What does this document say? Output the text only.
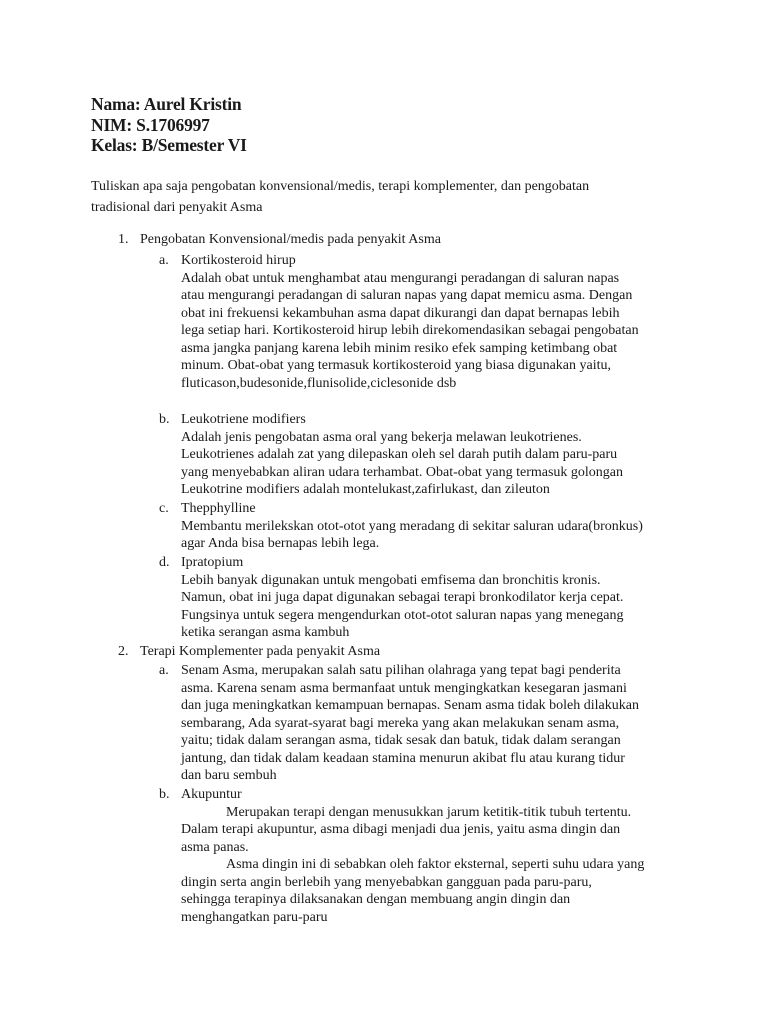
Nama: Aurel Kristin
NIM: S.1706997
Kelas: B/Semester VI
Tuliskan apa saja pengobatan konvensional/medis, terapi komplementer, dan pengobatan
tradisional dari penyakit Asma
1. Pengobatan Konvensional/medis pada penyakit Asma
a. Kortikosteroid hirup
Adalah obat untuk menghambat atau mengurangi peradangan di saluran napas
atau mengurangi peradangan di saluran napas yang dapat memicu asma. Dengan
obat ini frekuensi kekambuhan asma dapat dikurangi dan dapat bernapas lebih
lega setiap hari. Kortikosteroid hirup lebih direkomendasikan sebagai pengobatan
asma jangka panjang karena lebih minim resiko efek samping ketimbang obat
minum. Obat-obat yang termasuk kortikosteroid yang biasa digunakan yaitu,
fluticason,budesonide,flunisolide,ciclesonide dsb
b. Leukotriene modifiers
Adalah jenis pengobatan asma oral yang bekerja melawan leukotrienes.
Leukotrienes adalah zat yang dilepaskan oleh sel darah putih dalam paru-paru
yang menyebabkan aliran udara terhambat. Obat-obat yang termasuk golongan
Leukotrine modifiers adalah montelukast,zafirlukast, dan zileuton
c. Thepphylline
Membantu merilekskan otot-otot yang meradang di sekitar saluran udara(bronkus)
agar Anda bisa bernapas lebih lega.
d. Ipratopium
Lebih banyak digunakan untuk mengobati emfisema dan bronchitis kronis.
Namun, obat ini juga dapat digunakan sebagai terapi bronkodilator kerja cepat.
Fungsinya untuk segera mengendurkan otot-otot saluran napas yang menegang
ketika serangan asma kambuh
2. Terapi Komplementer pada penyakit Asma
a. Senam Asma, merupakan salah satu pilihan olahraga yang tepat bagi penderita
asma. Karena senam asma bermanfaat untuk mengingkatkan kesegaran jasmani
dan juga meningkatkan kemampuan bernapas. Senam asma tidak boleh dilakukan
sembarang, Ada syarat-syarat bagi mereka yang akan melakukan senam asma,
yaitu; tidak dalam serangan asma, tidak sesak dan batuk, tidak dalam serangan
jantung, dan tidak dalam keadaan stamina menurun akibat flu atau kurang tidur
dan baru sembuh
b. Akupuntur
Merupakan terapi dengan menusukkan jarum ketitik-titik tubuh tertentu.
Dalam terapi akupuntur, asma dibagi menjadi dua jenis, yaitu asma dingin dan
asma panas.
Asma dingin ini di sebabkan oleh faktor eksternal, seperti suhu udara yang
dingin serta angin berlebih yang menyebabkan gangguan pada paru-paru,
sehingga terapinya dilaksanakan dengan membuang angin dingin dan
menghangatkan paru-paru
